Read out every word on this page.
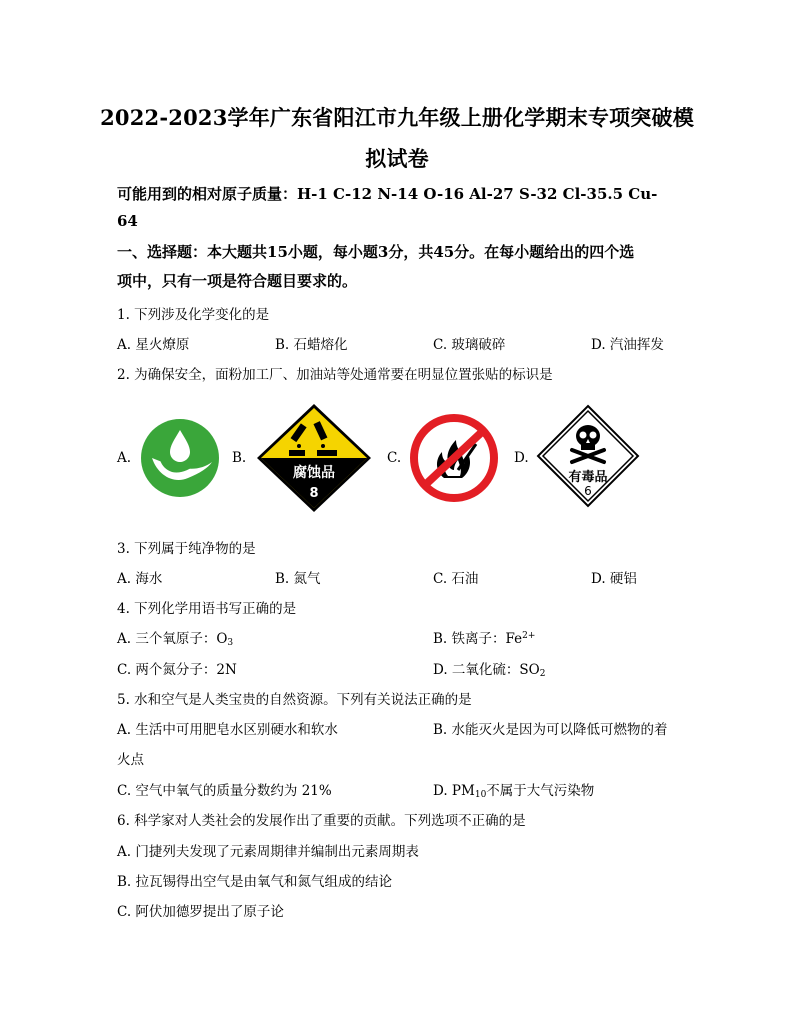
2022-2023学年广东省阳江市九年级上册化学期末专项突破模
拟试卷
可能用到的相对原子质量：H-1 C-12 N-14 O-16 Al-27 S-32 Cl-35.5 Cu-
64
一、选择题：本大题共15小题，每小题3分，共45分。在每小题给出的四个选
项中，只有一项是符合题目要求的。
1. 下列涉及化学变化的是
A. 星火燎原	B. 石蜡熔化	C. 玻璃破碎	D. 汽油挥发
2. 为确保安全，面粉加工厂、加油站等处通常要在明显位置张贴的标识是
A.	B.
腐蚀品
8
C.	D.
有毒品
6
3. 下列属于纯净物的是
A. 海水	B. 氮气	C. 石油	D. 硬铝
4. 下列化学用语书写正确的是
A. 三个氧原子：$O_3$	B. 铁离子：$Fe^{2+}$
C. 两个氮分子：2N	D. 二氧化硫：$SO_2$
5. 水和空气是人类宝贵的自然资源。下列有关说法正确的是
A. 生活中可用肥皂水区别硬水和软水	B. 水能灭火是因为可以降低可燃物的着
火点
C. 空气中氧气的质量分数约为 21%	D. $PM_{10}$不属于大气污染物
6. 科学家对人类社会的发展作出了重要的贡献。下列选项不正确的是
A. 门捷列夫发现了元素周期律并编制出元素周期表
B. 拉瓦锡得出空气是由氧气和氮气组成的结论
C. 阿伏加德罗提出了原子论
